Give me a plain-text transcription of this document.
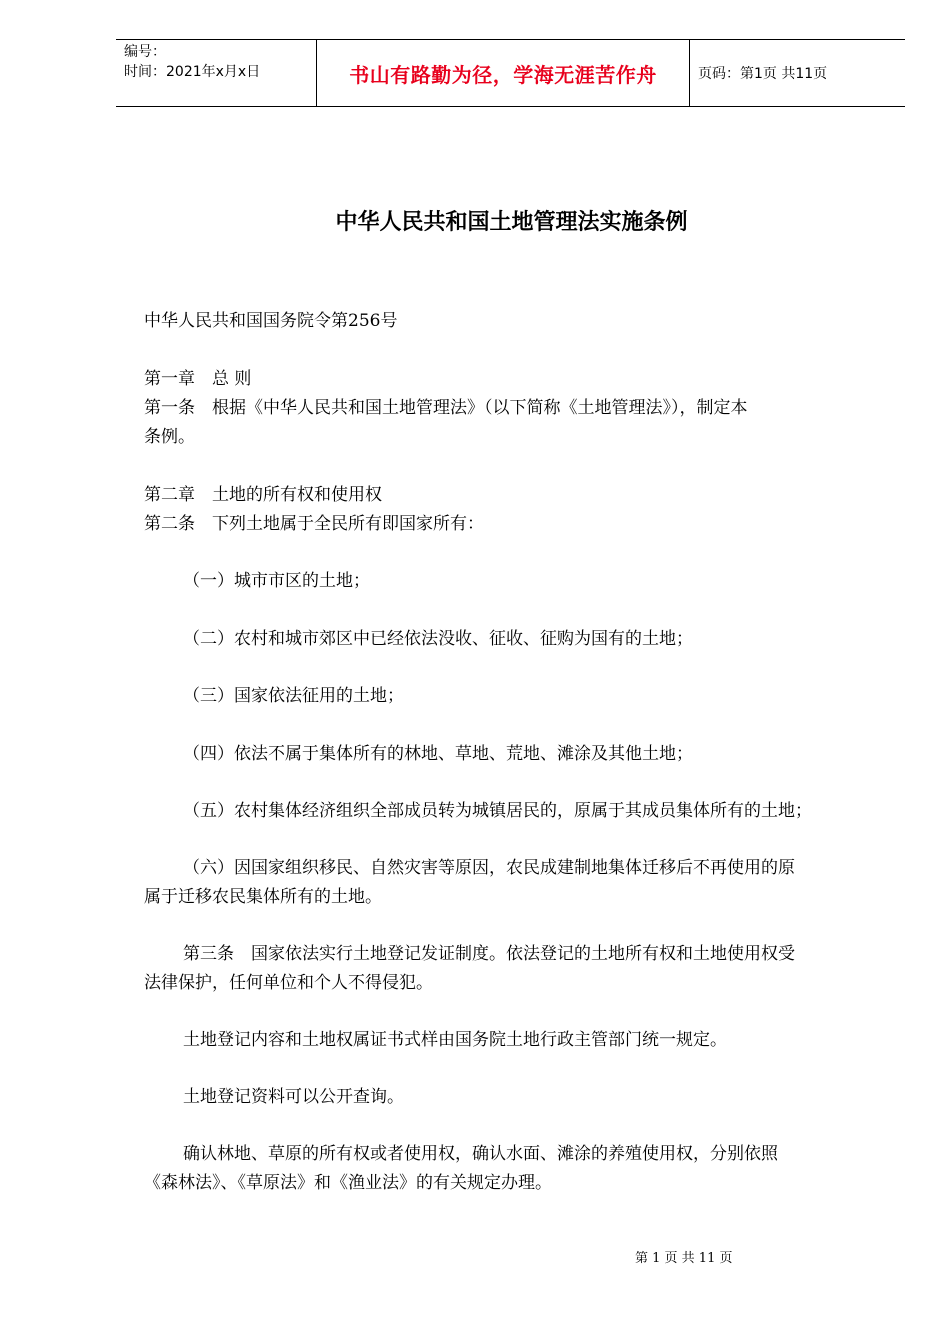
编号：
时间：2021年x月x日	书山有路勤为径，学海无涯苦作舟	页码：第1页 共11页
中华人民共和国土地管理法实施条例
中华人民共和国国务院令第256号
第一章　总 则
第一条　根据《中华人民共和国土地管理法》（以下简称《土地管理法》），制定本
条例。
第二章　土地的所有权和使用权
第二条　下列土地属于全民所有即国家所有：
（一）城市市区的土地；
（二）农村和城市郊区中已经依法没收、征收、征购为国有的土地；
（三）国家依法征用的土地；
（四）依法不属于集体所有的林地、草地、荒地、滩涂及其他土地；
（五）农村集体经济组织全部成员转为城镇居民的，原属于其成员集体所有的土地；
（六）因国家组织移民、自然灾害等原因，农民成建制地集体迁移后不再使用的原
属于迁移农民集体所有的土地。
第三条　国家依法实行土地登记发证制度。依法登记的土地所有权和土地使用权受
法律保护，任何单位和个人不得侵犯。
土地登记内容和土地权属证书式样由国务院土地行政主管部门统一规定。
土地登记资料可以公开查询。
确认林地、草原的所有权或者使用权，确认水面、滩涂的养殖使用权，分别依照
《森林法》、《草原法》和《渔业法》的有关规定办理。
第 1 页 共 11 页
